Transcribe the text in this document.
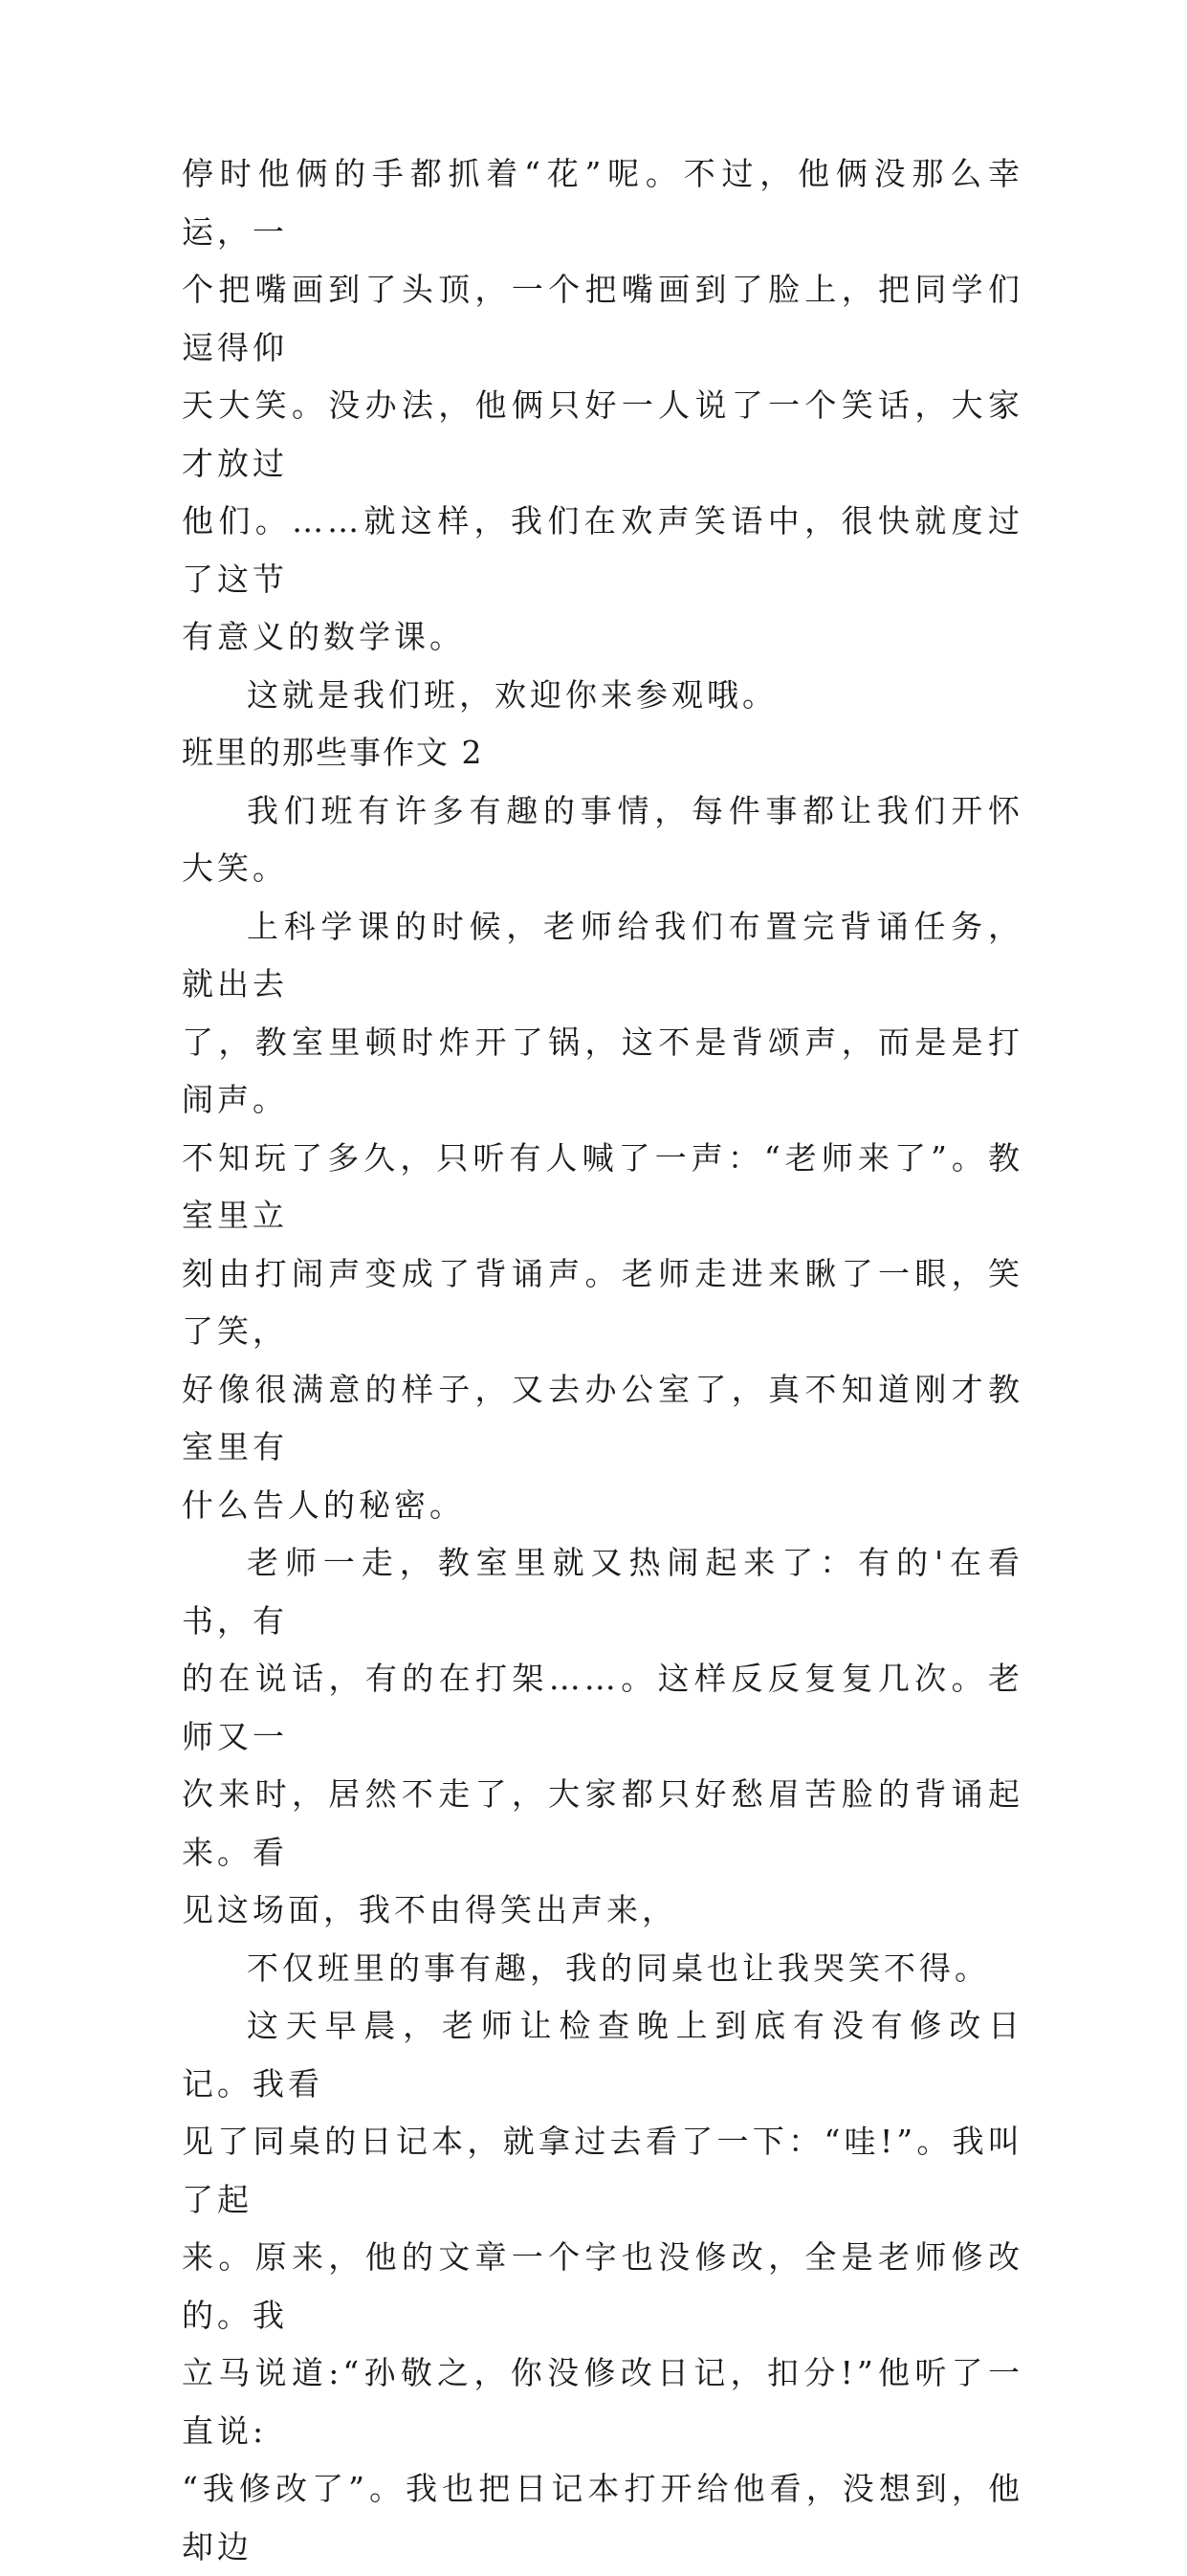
停时他俩的手都抓着“花”呢。不过，他俩没那么幸运，一
个把嘴画到了头顶，一个把嘴画到了脸上，把同学们逗得仰
天大笑。没办法，他俩只好一人说了一个笑话，大家才放过
他们。……就这样，我们在欢声笑语中，很快就度过了这节
有意义的数学课。

这就是我们班，欢迎你来参观哦。

班里的那些事作文 2

我们班有许多有趣的事情，每件事都让我们开怀大笑。

上科学课的时候，老师给我们布置完背诵任务，就出去
了，教室里顿时炸开了锅，这不是背颂声，而是是打闹声。
不知玩了多久，只听有人喊了一声：“老师来了”。教室里立
刻由打闹声变成了背诵声。老师走进来瞅了一眼，笑了笑，
好像很满意的样子，又去办公室了，真不知道刚才教室里有
什么告人的秘密。

老师一走，教室里就又热闹起来了：有的'在看书，有
的在说话，有的在打架……。这样反反复复几次。老师又一
次来时，居然不走了，大家都只好愁眉苦脸的背诵起来。看
见这场面，我不由得笑出声来，

不仅班里的事有趣，我的同桌也让我哭笑不得。

这天早晨，老师让检查晚上到底有没有修改日记。我看
见了同桌的日记本，就拿过去看了一下：“哇!”。我叫了起
来。原来，他的文章一个字也没修改，全是老师修改的。我
立马说道:“孙敬之，你没修改日记，扣分!”他听了一直说:
“我修改了”。我也把日记本打开给他看，没想到，他却边
